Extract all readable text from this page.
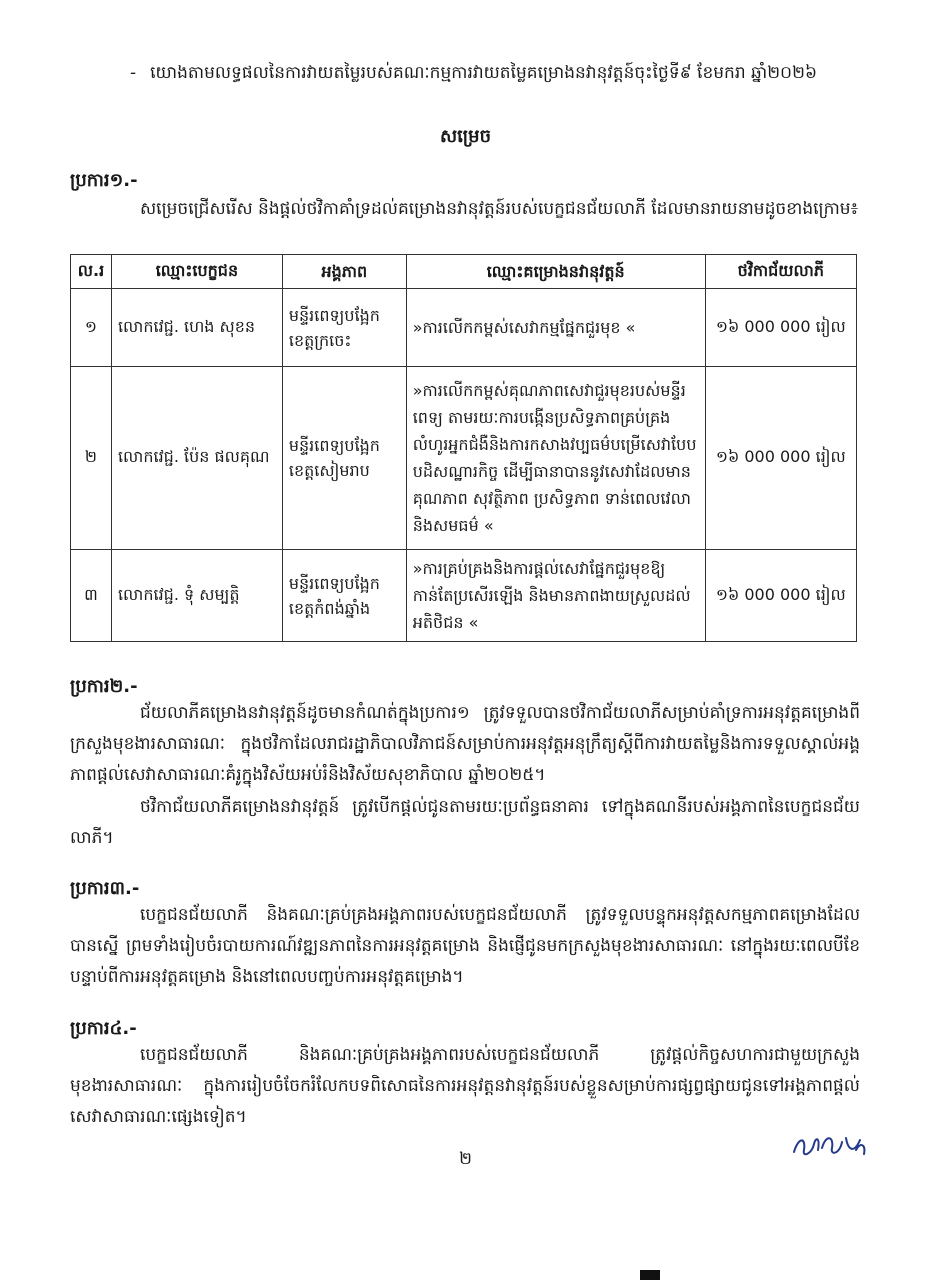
- យោងតាមលទ្ធផលនៃការវាយតម្លៃរបស់គណៈកម្មការវាយតម្លៃគម្រោងនវានុវត្តន៍ចុះថ្ងៃទី៩ ខែមករា ឆ្នាំ២០២៦
សម្រេច
ប្រការ១.-
សម្រេចជ្រើសរើស និងផ្តល់ថវិកាគាំទ្រដល់គម្រោងនវានុវត្តន៍របស់បេក្ខជនជ័យលាភី ដែលមានរាយនាមដូចខាងក្រោម៖
ល.រ	ឈ្មោះបេក្ខជន	អង្គភាព	ឈ្មោះគម្រោងនវានុវត្តន៍	ថវិកាជ័យលាភី
១	លោកវេជ្ជ. ហេង សុខន	មន្ទីរពេទ្យបង្អែកខេត្តក្រចេះ	»ការលើកកម្ពស់សេវាកម្មផ្នែកជួរមុខ «	១៦ 000 000 រៀល
២	លោកវេជ្ជ. ប៉ែន ផលគុណ	មន្ទីរពេទ្យបង្អែកខេត្តសៀមរាប	»ការលើកកម្ពស់គុណភាពសេវាជួរមុខរបស់មន្ទីរពេទ្យ តាមរយៈការបង្កើនប្រសិទ្ធភាពគ្រប់គ្រងលំហូរអ្នកជំងឺនិងការកសាងវប្បធម៌បម្រើសេវាបែបបដិសណ្ឋារកិច្ច ដើម្បីធានាបាននូវសេវាដែលមានគុណភាព សុវត្ថិភាព ប្រសិទ្ធភាព ទាន់ពេលវេលា និងសមធម៌ «	១៦ 000 000 រៀល
៣	លោកវេជ្ជ. ទុំ សម្បត្តិ	មន្ទីរពេទ្យបង្អែកខេត្តកំពង់ឆ្នាំង	»ការគ្រប់គ្រងនិងការផ្តល់សេវាផ្នែកជួរមុខឱ្យកាន់តែប្រសើរឡើង និងមានភាពងាយស្រួលដល់អតិថិជន «	១៦ 000 000 រៀល
ប្រការ២.-
ជ័យលាភីគម្រោងនវានុវត្តន៍ដូចមានកំណត់ក្នុងប្រការ១ ត្រូវទទួលបានថវិកាជ័យលាភីសម្រាប់គាំទ្រការអនុវត្តគម្រោងពីក្រសួងមុខងារសាធារណៈ ក្នុងថវិកាដែលរាជរដ្ឋាភិបាលវិភាជន៍សម្រាប់ការអនុវត្តអនុក្រឹត្យស្តីពីការវាយតម្លៃនិងការទទួលស្គាល់អង្គភាពផ្តល់សេវាសាធារណៈគំរូក្នុងវិស័យអប់រំនិងវិស័យសុខាភិបាល ឆ្នាំ២០២៥។
ថវិកាជ័យលាភីគម្រោងនវានុវត្តន៍ ត្រូវបើកផ្តល់ជូនតាមរយៈប្រព័ន្ធធនាគារ ទៅក្នុងគណនីរបស់អង្គភាពនៃបេក្ខជនជ័យលាភី។
ប្រការ៣.-
បេក្ខជនជ័យលាភី និងគណៈគ្រប់គ្រងអង្គភាពរបស់បេក្ខជនជ័យលាភី ត្រូវទទួលបន្ទុកអនុវត្តសកម្មភាពគម្រោងដែលបានស្នើ ព្រមទាំងរៀបចំរបាយការណ៍វឌ្ឍនភាពនៃការអនុវត្តគម្រោង និងផ្ញើជូនមកក្រសួងមុខងារសាធារណៈ នៅក្នុងរយៈពេលបីខែបន្ទាប់ពីការអនុវត្តគម្រោង និងនៅពេលបញ្ចប់ការអនុវត្តគម្រោង។
ប្រការ៤.-
បេក្ខជនជ័យលាភី និងគណៈគ្រប់គ្រងអង្គភាពរបស់បេក្ខជនជ័យលាភី ត្រូវផ្តល់កិច្ចសហការជាមួយក្រសួងមុខងារសាធារណៈ ក្នុងការរៀបចំចែករំលែកបទពិសោធនៃការអនុវត្តនវានុវត្តន៍របស់ខ្លួនសម្រាប់ការផ្សព្វផ្សាយជូនទៅអង្គភាពផ្តល់សេវាសាធារណៈផ្សេងទៀត។
២
